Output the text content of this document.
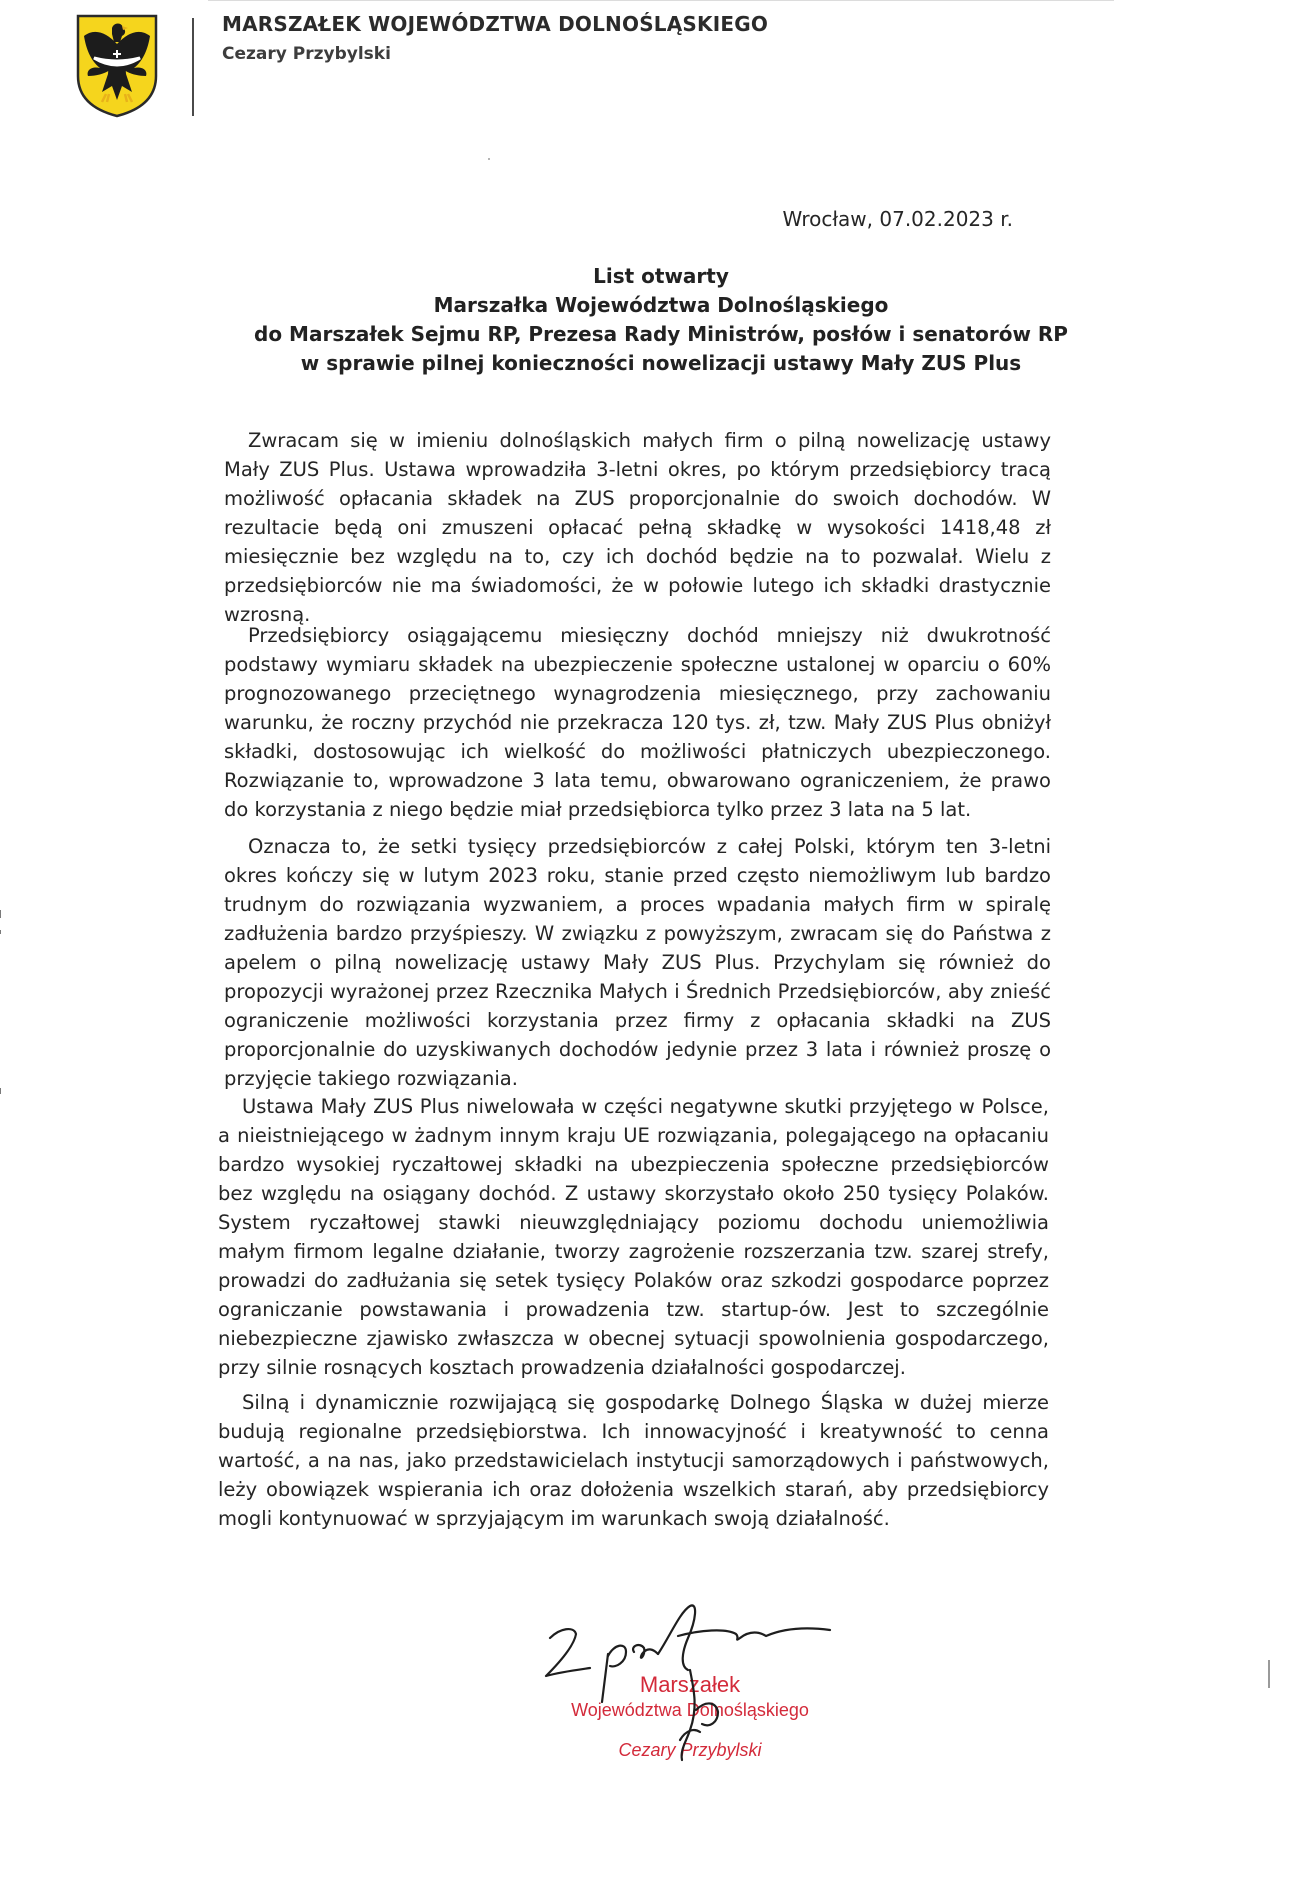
MARSZAŁEK WOJEWÓDZTWA DOLNOŚLĄSKIEGO
Cezary Przybylski
Wrocław, 07.02.2023 r.
List otwarty
Marszałka Województwa Dolnośląskiego
do Marszałek Sejmu RP, Prezesa Rady Ministrów, posłów i senatorów RP
w sprawie pilnej konieczności nowelizacji ustawy Mały ZUS Plus
Zwracam się w imieniu dolnośląskich małych firm o pilną nowelizację ustawy Mały ZUS Plus. Ustawa wprowadziła 3-letni okres, po którym przedsiębiorcy tracą możliwość opłacania składek na ZUS proporcjonalnie do swoich dochodów. W rezultacie będą oni zmuszeni opłacać pełną składkę w wysokości 1418,48 zł miesięcznie bez względu na to, czy ich dochód będzie na to pozwalał. Wielu z przedsiębiorców nie ma świadomości, że w połowie lutego ich składki drastycznie wzrosną.
Przedsiębiorcy osiągającemu miesięczny dochód mniejszy niż dwukrotność podstawy wymiaru składek na ubezpieczenie społeczne ustalonej w oparciu o 60% prognozowanego przeciętnego wynagrodzenia miesięcznego, przy zachowaniu warunku, że roczny przychód nie przekracza 120 tys. zł, tzw. Mały ZUS Plus obniżył składki, dostosowując ich wielkość do możliwości płatniczych ubezpieczonego. Rozwiązanie to, wprowadzone 3 lata temu, obwarowano ograniczeniem, że prawo do korzystania z niego będzie miał przedsiębiorca tylko przez 3 lata na 5 lat.
Oznacza to, że setki tysięcy przedsiębiorców z całej Polski, którym ten 3-letni okres kończy się w lutym 2023 roku, stanie przed często niemożliwym lub bardzo trudnym do rozwiązania wyzwaniem, a proces wpadania małych firm w spiralę zadłużenia bardzo przyśpieszy. W związku z powyższym, zwracam się do Państwa z apelem o pilną nowelizację ustawy Mały ZUS Plus. Przychylam się również do propozycji wyrażonej przez Rzecznika Małych i Średnich Przedsiębiorców, aby znieść ograniczenie możliwości korzystania przez firmy z opłacania składki na ZUS proporcjonalnie do uzyskiwanych dochodów jedynie przez 3 lata i również proszę o przyjęcie takiego rozwiązania.
Ustawa Mały ZUS Plus niwelowała w części negatywne skutki przyjętego w Polsce, a nieistniejącego w żadnym innym kraju UE rozwiązania, polegającego na opłacaniu bardzo wysokiej ryczałtowej składki na ubezpieczenia społeczne przedsiębiorców bez względu na osiągany dochód. Z ustawy skorzystało około 250 tysięcy Polaków. System ryczałtowej stawki nieuwzględniający poziomu dochodu uniemożliwia małym firmom legalne działanie, tworzy zagrożenie rozszerzania tzw. szarej strefy, prowadzi do zadłużania się setek tysięcy Polaków oraz szkodzi gospodarce poprzez ograniczanie powstawania i prowadzenia tzw. startup-ów. Jest to szczególnie niebezpieczne zjawisko zwłaszcza w obecnej sytuacji spowolnienia gospodarczego, przy silnie rosnących kosztach prowadzenia działalności gospodarczej.
Silną i dynamicznie rozwijającą się gospodarkę Dolnego Śląska w dużej mierze budują regionalne przedsiębiorstwa. Ich innowacyjność i kreatywność to cenna wartość, a na nas, jako przedstawicielach instytucji samorządowych i państwowych, leży obowiązek wspierania ich oraz dołożenia wszelkich starań, aby przedsiębiorcy mogli kontynuować w sprzyjającym im warunkach swoją działalność.
Marszałek
Województwa Dolnośląskiego
Cezary Przybylski
